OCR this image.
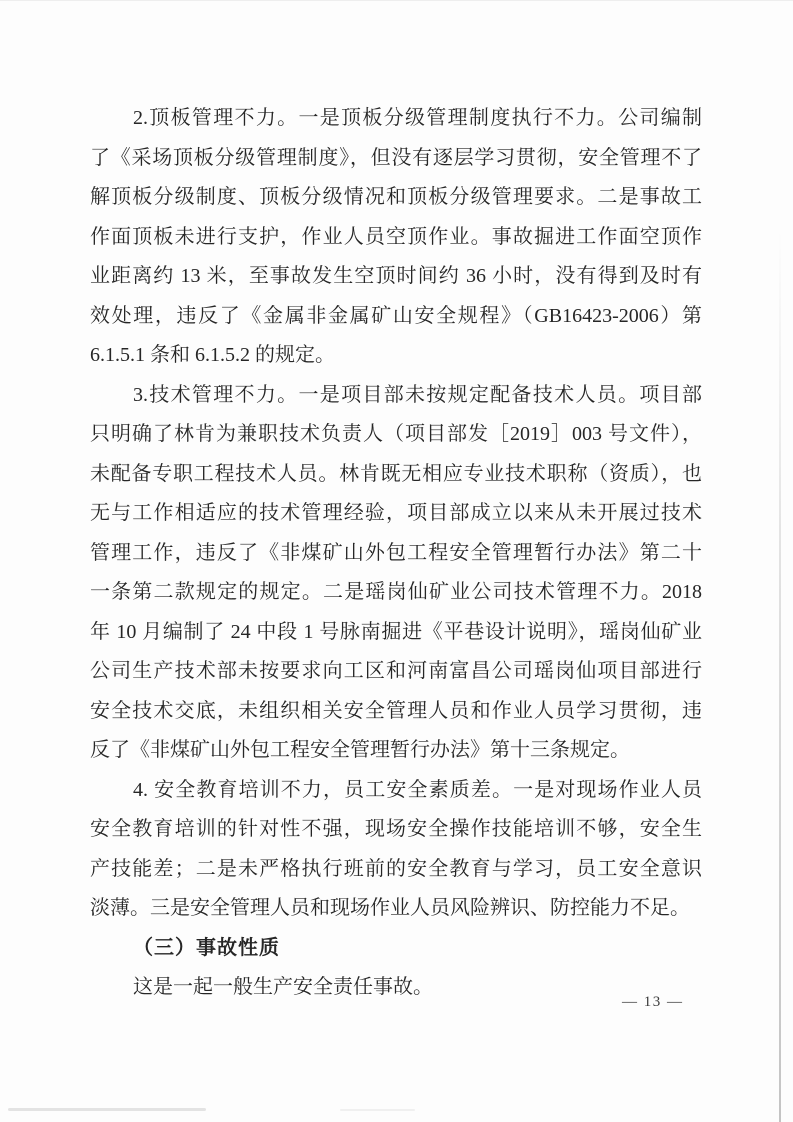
2.顶板管理不力。一是顶板分级管理制度执行不力。公司编制
了《采场顶板分级管理制度》，但没有逐层学习贯彻，安全管理不了
解顶板分级制度、顶板分级情况和顶板分级管理要求。二是事故工
作面顶板未进行支护，作业人员空顶作业。事故掘进工作面空顶作
业距离约 13 米，至事故发生空顶时间约 36 小时，没有得到及时有
效处理，违反了《金属非金属矿山安全规程》（GB16423-2006）第
6.1.5.1 条和 6.1.5.2 的规定。
3.技术管理不力。一是项目部未按规定配备技术人员。项目部
只明确了林肯为兼职技术负责人（项目部发［2019］003 号文件），
未配备专职工程技术人员。林肯既无相应专业技术职称（资质），也
无与工作相适应的技术管理经验，项目部成立以来从未开展过技术
管理工作，违反了《非煤矿山外包工程安全管理暂行办法》第二十
一条第二款规定的规定。二是瑶岗仙矿业公司技术管理不力。2018
年 10 月编制了 24 中段 1 号脉南掘进《平巷设计说明》，瑶岗仙矿业
公司生产技术部未按要求向工区和河南富昌公司瑶岗仙项目部进行
安全技术交底，未组织相关安全管理人员和作业人员学习贯彻，违
反了《非煤矿山外包工程安全管理暂行办法》第十三条规定。
4. 安全教育培训不力，员工安全素质差。一是对现场作业人员
安全教育培训的针对性不强，现场安全操作技能培训不够，安全生
产技能差；二是未严格执行班前的安全教育与学习，员工安全意识
淡薄。三是安全管理人员和现场作业人员风险辨识、防控能力不足。
（三）事故性质
这是一起一般生产安全责任事故。
— 13 —
